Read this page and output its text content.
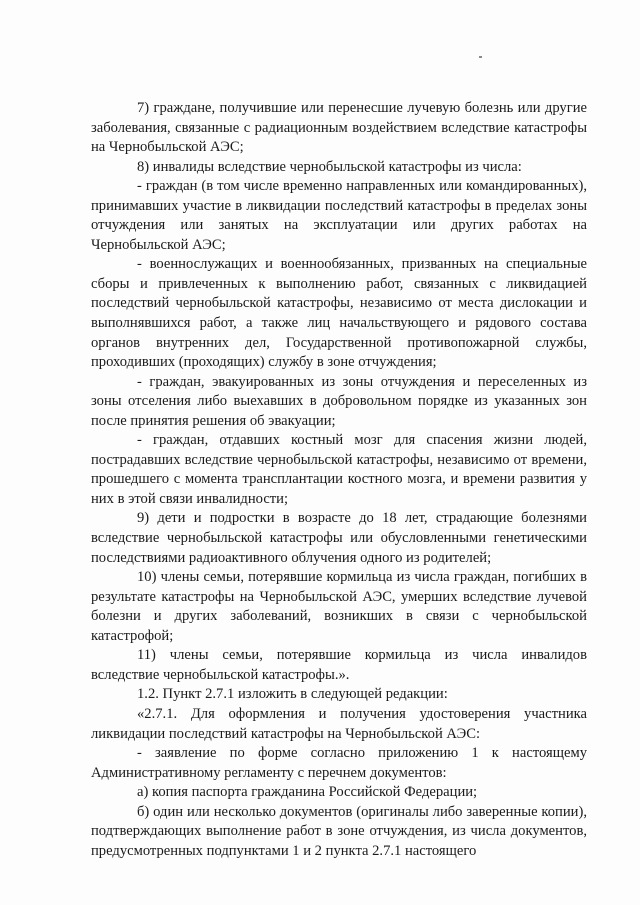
7) граждане, получившие или перенесшие лучевую болезнь или другие заболевания, связанные с радиационным воздействием вследствие катастрофы на Чернобыльской АЭС;

8) инвалиды вследствие чернобыльской катастрофы из числа:

- граждан (в том числе временно направленных или командированных), принимавших участие в ликвидации последствий катастрофы в пределах зоны отчуждения или занятых на эксплуатации или других работах на Чернобыльской АЭС;

- военнослужащих и военнообязанных, призванных на специальные сборы и привлеченных к выполнению работ, связанных с ликвидацией последствий чернобыльской катастрофы, независимо от места дислокации и выполнявшихся работ, а также лиц начальствующего и рядового состава органов внутренних дел, Государственной противопожарной службы, проходивших (проходящих) службу в зоне отчуждения;

- граждан, эвакуированных из зоны отчуждения и переселенных из зоны отселения либо выехавших в добровольном порядке из указанных зон после принятия решения об эвакуации;

- граждан, отдавших костный мозг для спасения жизни людей, пострадавших вследствие чернобыльской катастрофы, независимо от времени, прошедшего с момента трансплантации костного мозга, и времени развития у них в этой связи инвалидности;

9) дети и подростки в возрасте до 18 лет, страдающие болезнями вследствие чернобыльской катастрофы или обусловленными генетическими последствиями радиоактивного облучения одного из родителей;

10) члены семьи, потерявшие кормильца из числа граждан, погибших в результате катастрофы на Чернобыльской АЭС, умерших вследствие лучевой болезни и других заболеваний, возникших в связи с чернобыльской катастрофой;

11) члены семьи, потерявшие кормильца из числа инвалидов вследствие чернобыльской катастрофы.».

1.2. Пункт 2.7.1 изложить в следующей редакции:

«2.7.1. Для оформления и получения удостоверения участника ликвидации последствий катастрофы на Чернобыльской АЭС:

- заявление по форме согласно приложению 1 к настоящему Административному регламенту с перечнем документов:

а) копия паспорта гражданина Российской Федерации;

б) один или несколько документов (оригиналы либо заверенные копии), подтверждающих выполнение работ в зоне отчуждения, из числа документов, предусмотренных подпунктами 1 и 2 пункта 2.7.1 настоящего
